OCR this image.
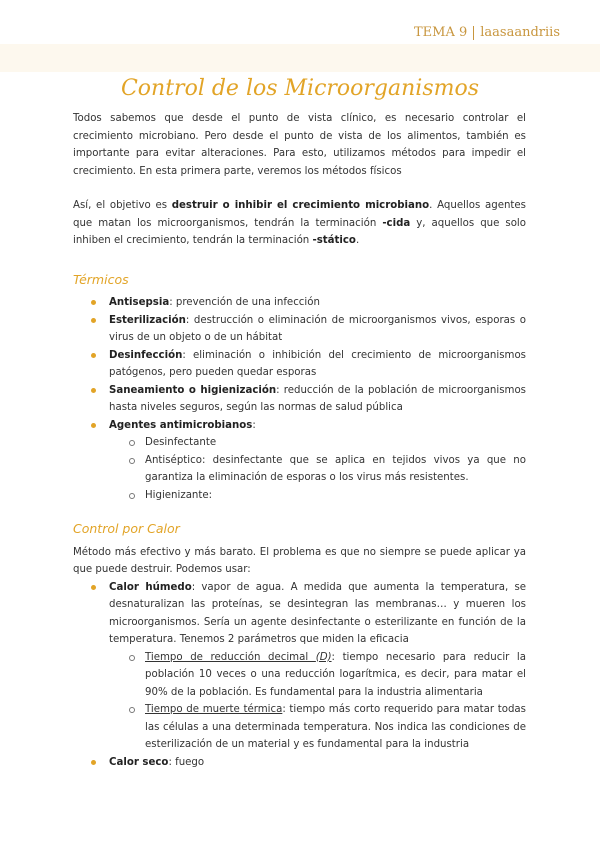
TEMA 9 laasaandriis
Control de los Microorganismos

Todos sabemos que desde el punto de vista clínico, es necesario controlar el crecimiento microbiano. Pero desde el punto de vista de los alimentos, también es importante para evitar alteraciones. Para esto, utilizamos métodos para impedir el crecimiento. En esta primera parte, veremos los métodos físicos

Así, el objetivo es destruir o inhibir el crecimiento microbiano. Aquellos agentes que matan los microorganismos, tendrán la terminación -cida y, aquellos que solo inhiben el crecimiento, tendrán la terminación -stático.

Térmicos
Antisepsia: prevención de una infección
Esterilización: destrucción o eliminación de microorganismos vivos, esporas o virus de un objeto o de un hábitat
Desinfección: eliminación o inhibición del crecimiento de microorganismos patógenos, pero pueden quedar esporas
Saneamiento o higienización: reducción de la población de microorganismos hasta niveles seguros, según las normas de salud pública
Agentes antimicrobianos:
Desinfectante
Antiséptico: desinfectante que se aplica en tejidos vivos ya que no garantiza la eliminación de esporas o los virus más resistentes.
Higienizante:
Control por Calor

Método más efectivo y más barato. El problema es que no siempre se puede aplicar ya que puede destruir. Podemos usar:

Calor húmedo: vapor de agua. A medida que aumenta la temperatura, se desnaturalizan las proteínas, se desintegran las membranas… y mueren los microorganismos. Sería un agente desinfectante o esterilizante en función de la temperatura. Tenemos 2 parámetros que miden la eficacia
Tiempo de reducción decimal (D): tiempo necesario para reducir la población 10 veces o una reducción logarítmica, es decir, para matar el 90% de la población. Es fundamental para la industria alimentaria
Tiempo de muerte térmica: tiempo más corto requerido para matar todas las células a una determinada temperatura. Nos indica las condiciones de esterilización de un material y es fundamental para la industria
Calor seco: fuego
